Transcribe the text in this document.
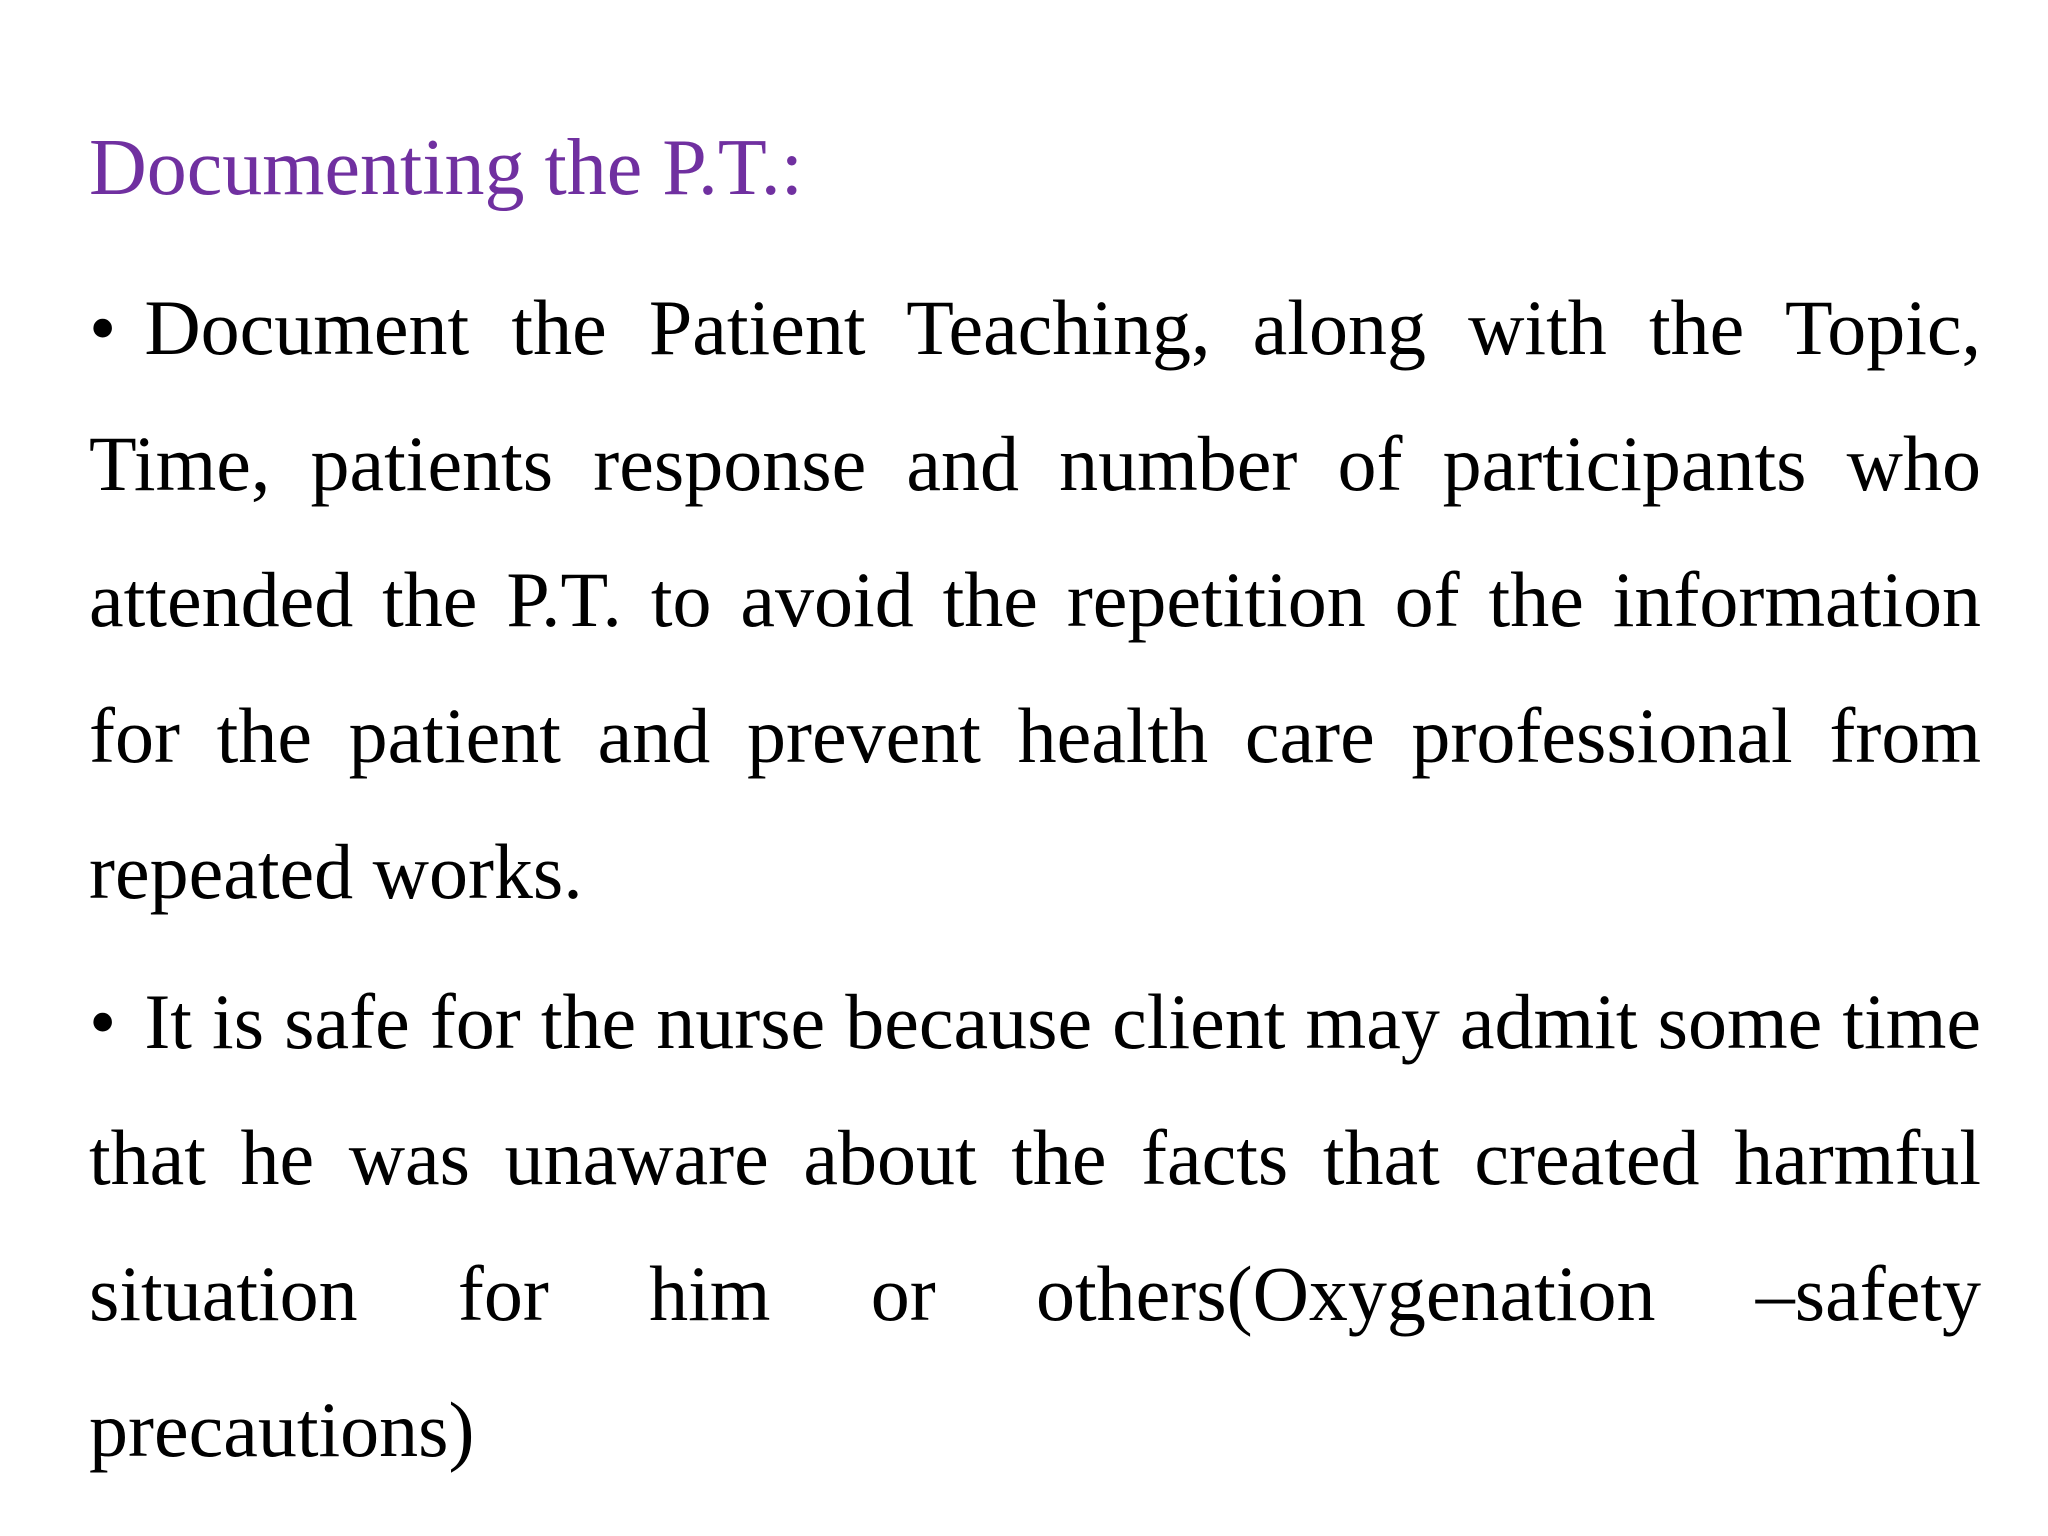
Documenting the P.T.:
• Document the Patient Teaching, along with the Topic, Time, patients response and number of participants who attended the P.T. to avoid the repetition of the information for the patient and prevent health care professional from repeated works.
• It is safe for the nurse because client may admit some time that he was unaware about the facts that created harmful situation for him or others(Oxygenation –safety precautions)
